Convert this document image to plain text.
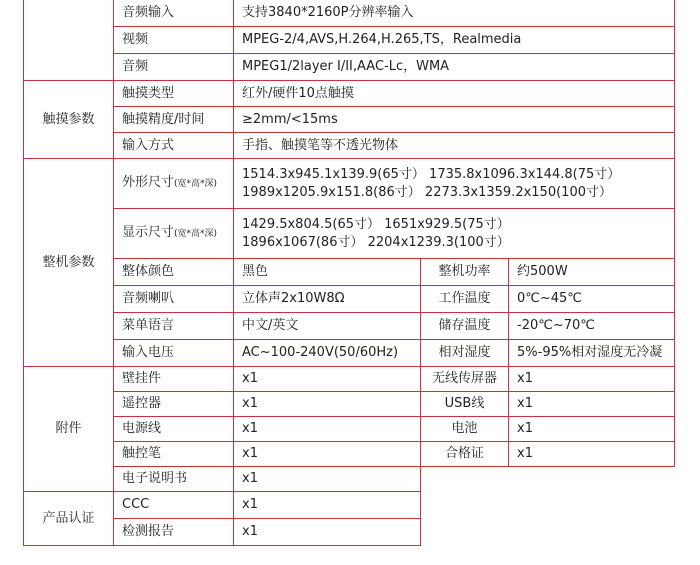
	音频输入	支持3840*2160P分辨率输入		
	视频	MPEG-2/4,AVS,H.264,H.265,TS，Realmedia		
	音频	MPEG1/2layer I/II,AAC-Lc，WMA		
触摸参数	触摸类型	红外/硬件10点触摸		
	触摸精度/时间	≥2mm/<15ms		
	输入方式	手指、触摸笔等不透光物体		
整机参数	外形尺寸(宽*高*深)	1514.3x945.1x139.9(65寸） 1735.8x1096.3x144.8(75寸）
1989x1205.9x151.8(86寸） 2273.3x1359.2x150(100寸）		

	显示尺寸(宽*高*深)	1429.5x804.5(65寸） 1651x929.5(75寸）
1896x1067(86寸） 2204x1239.3(100寸）		

	整体颜色	黑色	整机功率	约500W
	音频喇叭	立体声2x10W8Ω	工作温度	0℃~45℃
	菜单语言	中文/英文	储存温度	-20℃~70℃
	输入电压	AC~100-240V(50/60Hz)	相对湿度	5%-95%相对湿度无冷凝
附件	壁挂件	x1	无线传屏器	x1
	遥控器	x1	USB线	x1
	电源线	x1	电池	x1
	触控笔	x1	合格证	x1
	电子说明书	x1		
产品认证	CCC	x1		
	检测报告	x1		
